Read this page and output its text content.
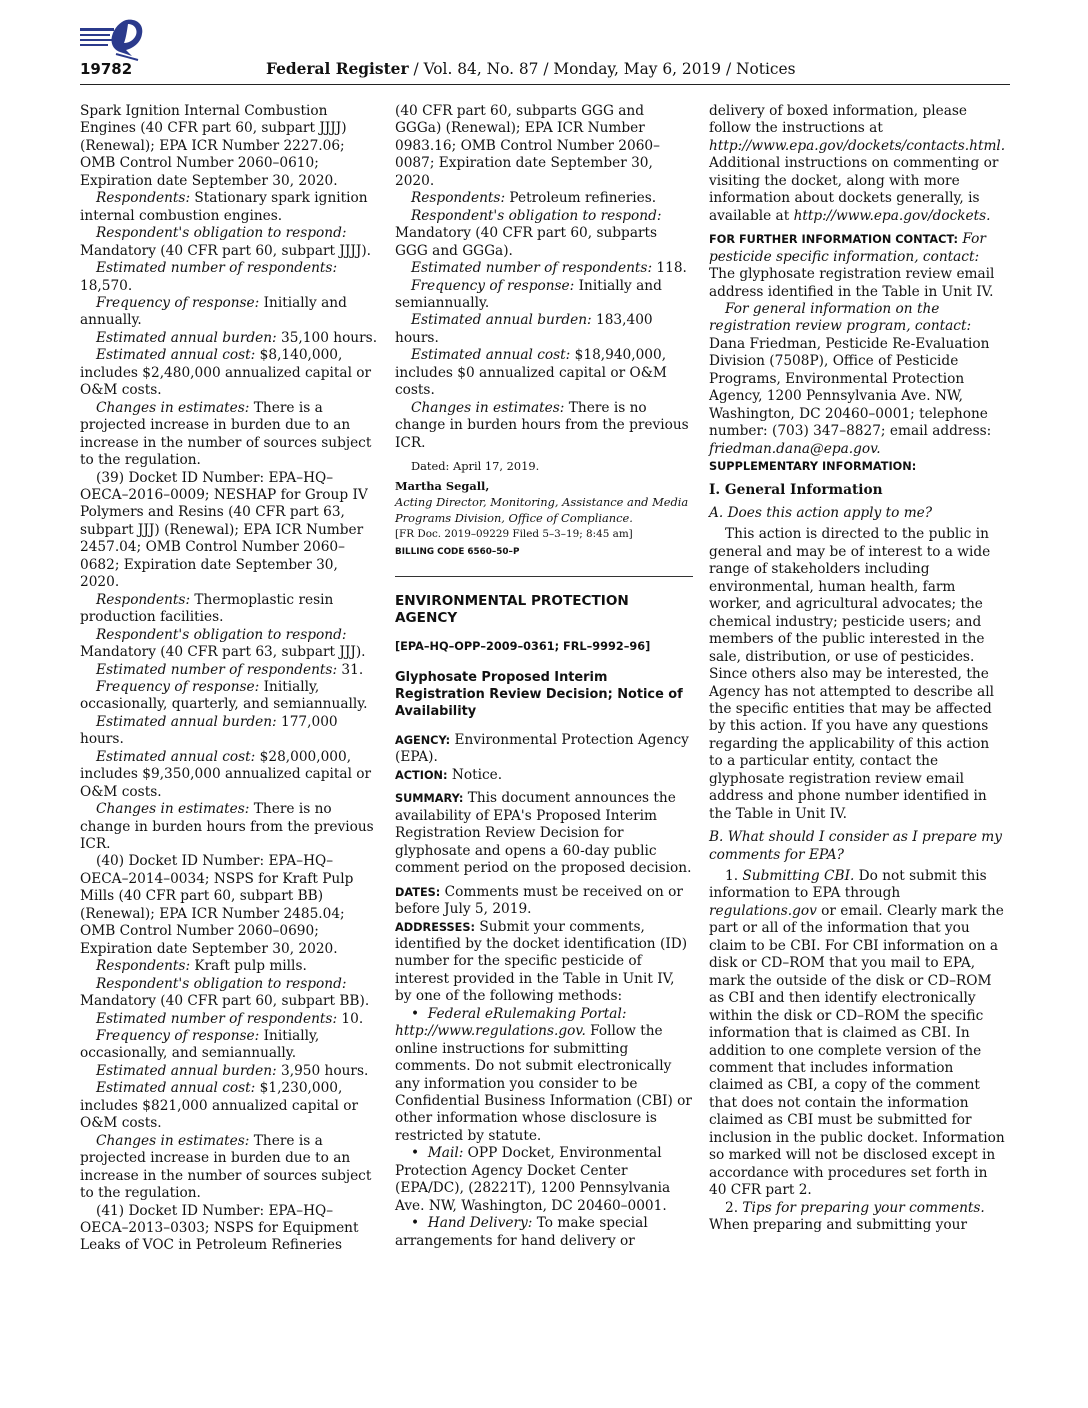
19782	Federal Register / Vol. 84, No. 87 / Monday, May 6, 2019 / Notices

Spark Ignition Internal Combustion Engines (40 CFR part 60, subpart JJJJ) (Renewal); EPA ICR Number 2227.06; OMB Control Number 2060–0610; Expiration date September 30, 2020.

Respondents: Stationary spark ignition internal combustion engines.

Respondent's obligation to respond: Mandatory (40 CFR part 60, subpart JJJJ).

Estimated number of respondents: 18,570.

Frequency of response: Initially and annually.

Estimated annual burden: 35,100 hours.

Estimated annual cost: $8,140,000, includes $2,480,000 annualized capital or O&M costs.

Changes in estimates: There is a projected increase in burden due to an increase in the number of sources subject to the regulation.

(39) Docket ID Number: EPA–HQ–OECA–2016–0009; NESHAP for Group IV Polymers and Resins (40 CFR part 63, subpart JJJ) (Renewal); EPA ICR Number 2457.04; OMB Control Number 2060–0682; Expiration date September 30, 2020.

Respondents: Thermoplastic resin production facilities.

Respondent's obligation to respond: Mandatory (40 CFR part 63, subpart JJJ).

Estimated number of respondents: 31.

Frequency of response: Initially, occasionally, quarterly, and semiannually.

Estimated annual burden: 177,000 hours.

Estimated annual cost: $28,000,000, includes $9,350,000 annualized capital or O&M costs.

Changes in estimates: There is no change in burden hours from the previous ICR.

(40) Docket ID Number: EPA–HQ–OECA–2014–0034; NSPS for Kraft Pulp Mills (40 CFR part 60, subpart BB) (Renewal); EPA ICR Number 2485.04; OMB Control Number 2060–0690; Expiration date September 30, 2020.

Respondents: Kraft pulp mills.

Respondent's obligation to respond: Mandatory (40 CFR part 60, subpart BB).

Estimated number of respondents: 10.

Frequency of response: Initially, occasionally, and semiannually.

Estimated annual burden: 3,950 hours.

Estimated annual cost: $1,230,000, includes $821,000 annualized capital or O&M costs.

Changes in estimates: There is a projected increase in burden due to an increase in the number of sources subject to the regulation.

(41) Docket ID Number: EPA–HQ–OECA–2013–0303; NSPS for Equipment Leaks of VOC in Petroleum Refineries

(40 CFR part 60, subparts GGG and GGGa) (Renewal); EPA ICR Number 0983.16; OMB Control Number 2060–0087; Expiration date September 30, 2020.

Respondents: Petroleum refineries.

Respondent's obligation to respond: Mandatory (40 CFR part 60, subparts GGG and GGGa).

Estimated number of respondents: 118.

Frequency of response: Initially and semiannually.

Estimated annual burden: 183,400 hours.

Estimated annual cost: $18,940,000, includes $0 annualized capital or O&M costs.

Changes in estimates: There is no change in burden hours from the previous ICR.

Dated: April 17, 2019.

Martha Segall,

Acting Director, Monitoring, Assistance and Media Programs Division, Office of Compliance.

[FR Doc. 2019–09229 Filed 5–3–19; 8:45 am]

BILLING CODE 6560–50–P

ENVIRONMENTAL PROTECTION AGENCY

[EPA–HQ–OPP–2009–0361; FRL–9992–96]

Glyphosate Proposed Interim Registration Review Decision; Notice of Availability

AGENCY: Environmental Protection Agency (EPA).

ACTION: Notice.

SUMMARY: This document announces the availability of EPA's Proposed Interim Registration Review Decision for glyphosate and opens a 60-day public comment period on the proposed decision.

DATES: Comments must be received on or before July 5, 2019.

ADDRESSES: Submit your comments, identified by the docket identification (ID) number for the specific pesticide of interest provided in the Table in Unit IV, by one of the following methods:

•  Federal eRulemaking Portal: http://www.regulations.gov. Follow the online instructions for submitting comments. Do not submit electronically any information you consider to be Confidential Business Information (CBI) or other information whose disclosure is restricted by statute.

•  Mail: OPP Docket, Environmental Protection Agency Docket Center (EPA/DC), (28221T), 1200 Pennsylvania Ave. NW, Washington, DC 20460–0001.

•  Hand Delivery: To make special arrangements for hand delivery or

delivery of boxed information, please follow the instructions at http://www.epa.gov/dockets/contacts.html. Additional instructions on commenting or visiting the docket, along with more information about dockets generally, is available at http://www.epa.gov/dockets.

FOR FURTHER INFORMATION CONTACT: For pesticide specific information, contact: The glyphosate registration review email address identified in the Table in Unit IV.

For general information on the registration review program, contact: Dana Friedman, Pesticide Re-Evaluation Division (7508P), Office of Pesticide Programs, Environmental Protection Agency, 1200 Pennsylvania Ave. NW, Washington, DC 20460–0001; telephone number: (703) 347–8827; email address: friedman.dana@epa.gov.

SUPPLEMENTARY INFORMATION:

I. General Information

A. Does this action apply to me?

This action is directed to the public in general and may be of interest to a wide range of stakeholders including environmental, human health, farm worker, and agricultural advocates; the chemical industry; pesticide users; and members of the public interested in the sale, distribution, or use of pesticides. Since others also may be interested, the Agency has not attempted to describe all the specific entities that may be affected by this action. If you have any questions regarding the applicability of this action to a particular entity, contact the glyphosate registration review email address and phone number identified in the Table in Unit IV.

B. What should I consider as I prepare my comments for EPA?

1. Submitting CBI. Do not submit this information to EPA through regulations.gov or email. Clearly mark the part or all of the information that you claim to be CBI. For CBI information on a disk or CD–ROM that you mail to EPA, mark the outside of the disk or CD–ROM as CBI and then identify electronically within the disk or CD–ROM the specific information that is claimed as CBI. In addition to one complete version of the comment that includes information claimed as CBI, a copy of the comment that does not contain the information claimed as CBI must be submitted for inclusion in the public docket. Information so marked will not be disclosed except in accordance with procedures set forth in 40 CFR part 2.

2. Tips for preparing your comments. When preparing and submitting your
